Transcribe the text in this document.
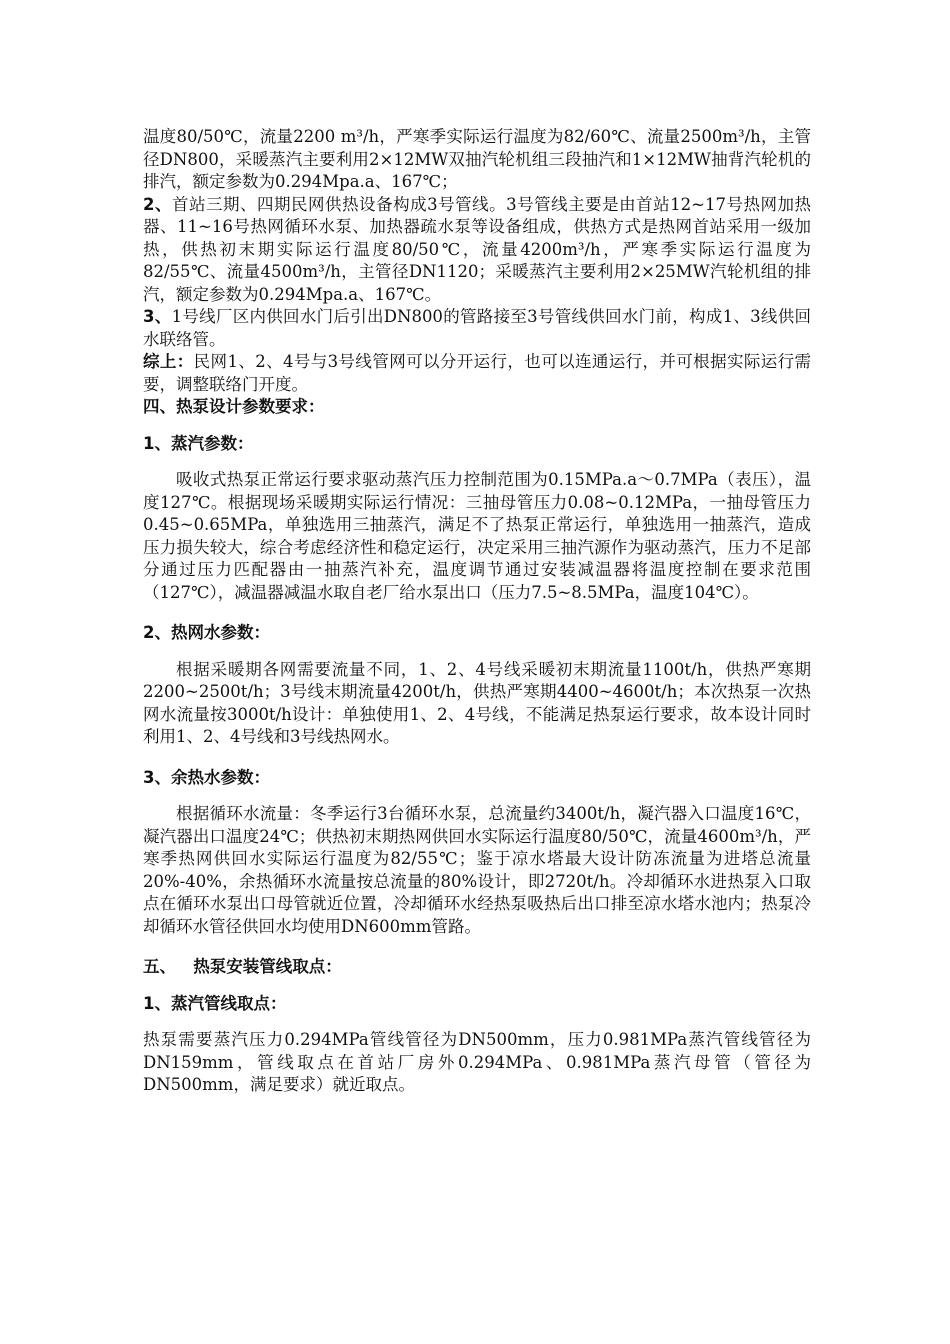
温度80/50℃，流量2200 m³/h，严寒季实际运行温度为82/60℃、流量2500m³/h，主管径DN800，采暖蒸汽主要利用2×12MW双抽汽轮机组三段抽汽和1×12MW抽背汽轮机的排汽，额定参数为0.294Mpa.a、167℃；

2、首站三期、四期民网供热设备构成3号管线。3号管线主要是由首站12~17号热网加热器、11~16号热网循环水泵、加热器疏水泵等设备组成，供热方式是热网首站采用一级加热，供热初末期实际运行温度80/50℃，流量4200m³/h，严寒季实际运行温度为82/55℃、流量4500m³/h，主管径DN1120；采暖蒸汽主要利用2×25MW汽轮机组的排汽，额定参数为0.294Mpa.a、167℃。

3、1号线厂区内供回水门后引出DN800的管路接至3号管线供回水门前，构成1、3线供回水联络管。

综上：民网1、2、4号与3号线管网可以分开运行，也可以连通运行，并可根据实际运行需要，调整联络门开度。

四、热泵设计参数要求：

1、蒸汽参数：

吸收式热泵正常运行要求驱动蒸汽压力控制范围为0.15MPa.a～0.7MPa（表压），温度127℃。根据现场采暖期实际运行情况：三抽母管压力0.08~0.12MPa，一抽母管压力0.45~0.65MPa，单独选用三抽蒸汽，满足不了热泵正常运行，单独选用一抽蒸汽，造成压力损失较大，综合考虑经济性和稳定运行，决定采用三抽汽源作为驱动蒸汽，压力不足部分通过压力匹配器由一抽蒸汽补充，温度调节通过安装减温器将温度控制在要求范围（127℃），减温器减温水取自老厂给水泵出口（压力7.5~8.5MPa，温度104℃）。

2、热网水参数：

根据采暖期各网需要流量不同，1、2、4号线采暖初末期流量1100t/h，供热严寒期2200~2500t/h；3号线末期流量4200t/h，供热严寒期4400~4600t/h；本次热泵一次热网水流量按3000t/h设计：单独使用1、2、4号线，不能满足热泵运行要求，故本设计同时利用1、2、4号线和3号线热网水。

3、余热水参数：

根据循环水流量：冬季运行3台循环水泵，总流量约3400t/h，凝汽器入口温度16℃，凝汽器出口温度24℃；供热初末期热网供回水实际运行温度80/50℃，流量4600m³/h，严寒季热网供回水实际运行温度为82/55℃；鉴于凉水塔最大设计防冻流量为进塔总流量20%-40%，余热循环水流量按总流量的80%设计，即2720t/h。冷却循环水进热泵入口取点在循环水泵出口母管就近位置，冷却循环水经热泵吸热后出口排至凉水塔水池内；热泵冷却循环水管径供回水均使用DN600mm管路。

五、   热泵安装管线取点：

1、蒸汽管线取点：

热泵需要蒸汽压力0.294MPa管线管径为DN500mm，压力0.981MPa蒸汽管线管径为DN159mm，管线取点在首站厂房外0.294MPa、0.981MPa蒸汽母管（管径为DN500mm，满足要求）就近取点。
